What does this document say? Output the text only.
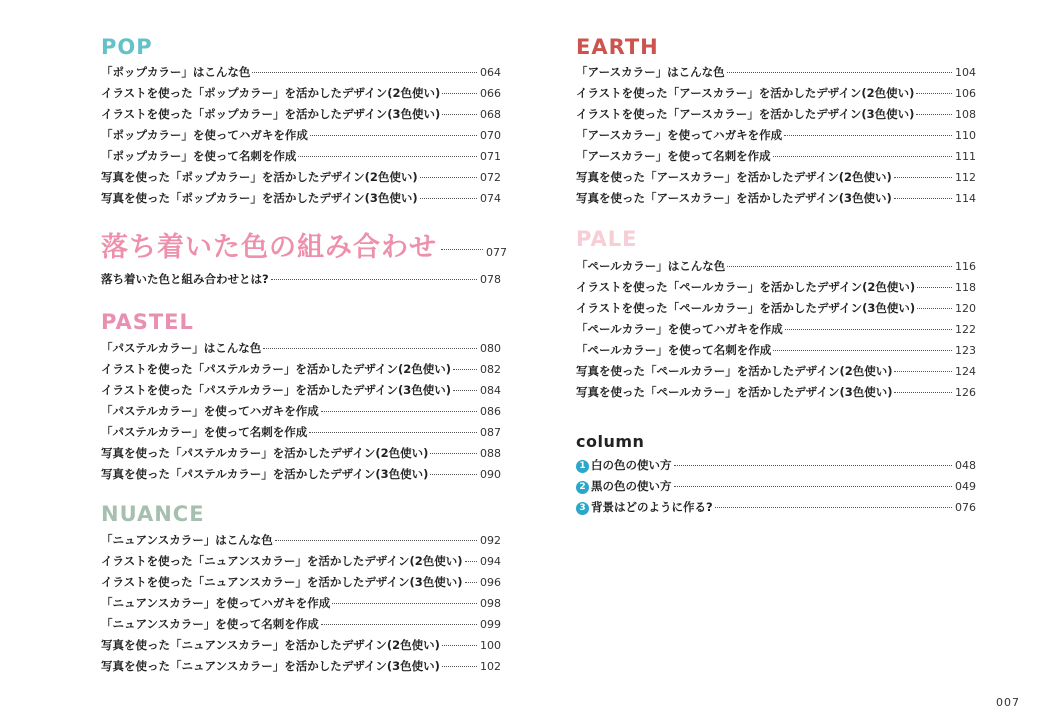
POP
「ポップカラー」はこんな色	064
イラストを使った「ポップカラー」を活かしたデザイン(2色使い)	066
イラストを使った「ポップカラー」を活かしたデザイン(3色使い)	068
「ポップカラー」を使ってハガキを作成	070
「ポップカラー」を使って名刺を作成	071
写真を使った「ポップカラー」を活かしたデザイン(2色使い)	072
写真を使った「ポップカラー」を活かしたデザイン(3色使い)	074
落ち着いた色の組み合わせ	077
落ち着いた色と組み合わせとは?	078
PASTEL
「パステルカラー」はこんな色	080
イラストを使った「パステルカラー」を活かしたデザイン(2色使い)	082
イラストを使った「パステルカラー」を活かしたデザイン(3色使い)	084
「パステルカラー」を使ってハガキを作成	086
「パステルカラー」を使って名刺を作成	087
写真を使った「パステルカラー」を活かしたデザイン(2色使い)	088
写真を使った「パステルカラー」を活かしたデザイン(3色使い)	090
NUANCE
「ニュアンスカラー」はこんな色	092
イラストを使った「ニュアンスカラー」を活かしたデザイン(2色使い) 094
イラストを使った「ニュアンスカラー」を活かしたデザイン(3色使い) 096
「ニュアンスカラー」を使ってハガキを作成	098
「ニュアンスカラー」を使って名刺を作成	099
写真を使った「ニュアンスカラー」を活かしたデザイン(2色使い)	100
写真を使った「ニュアンスカラー」を活かしたデザイン(3色使い)	102
EARTH
「アースカラー」はこんな色	104
イラストを使った「アースカラー」を活かしたデザイン(2色使い)	106
イラストを使った「アースカラー」を活かしたデザイン(3色使い)	108
「アースカラー」を使ってハガキを作成	110
「アースカラー」を使って名刺を作成	111
写真を使った「アースカラー」を活かしたデザイン(2色使い)	112
写真を使った「アースカラー」を活かしたデザイン(3色使い)	114
PALE
「ペールカラー」はこんな色	116
イラストを使った「ペールカラー」を活かしたデザイン(2色使い)	118
イラストを使った「ペールカラー」を活かしたデザイン(3色使い)	120
「ペールカラー」を使ってハガキを作成	122
「ペールカラー」を使って名刺を作成	123
写真を使った「ペールカラー」を活かしたデザイン(2色使い)	124
写真を使った「ペールカラー」を活かしたデザイン(3色使い)	126
column
1 白の色の使い方	048
2 黒の色の使い方	049
3 背景はどのように作る?	076
007
